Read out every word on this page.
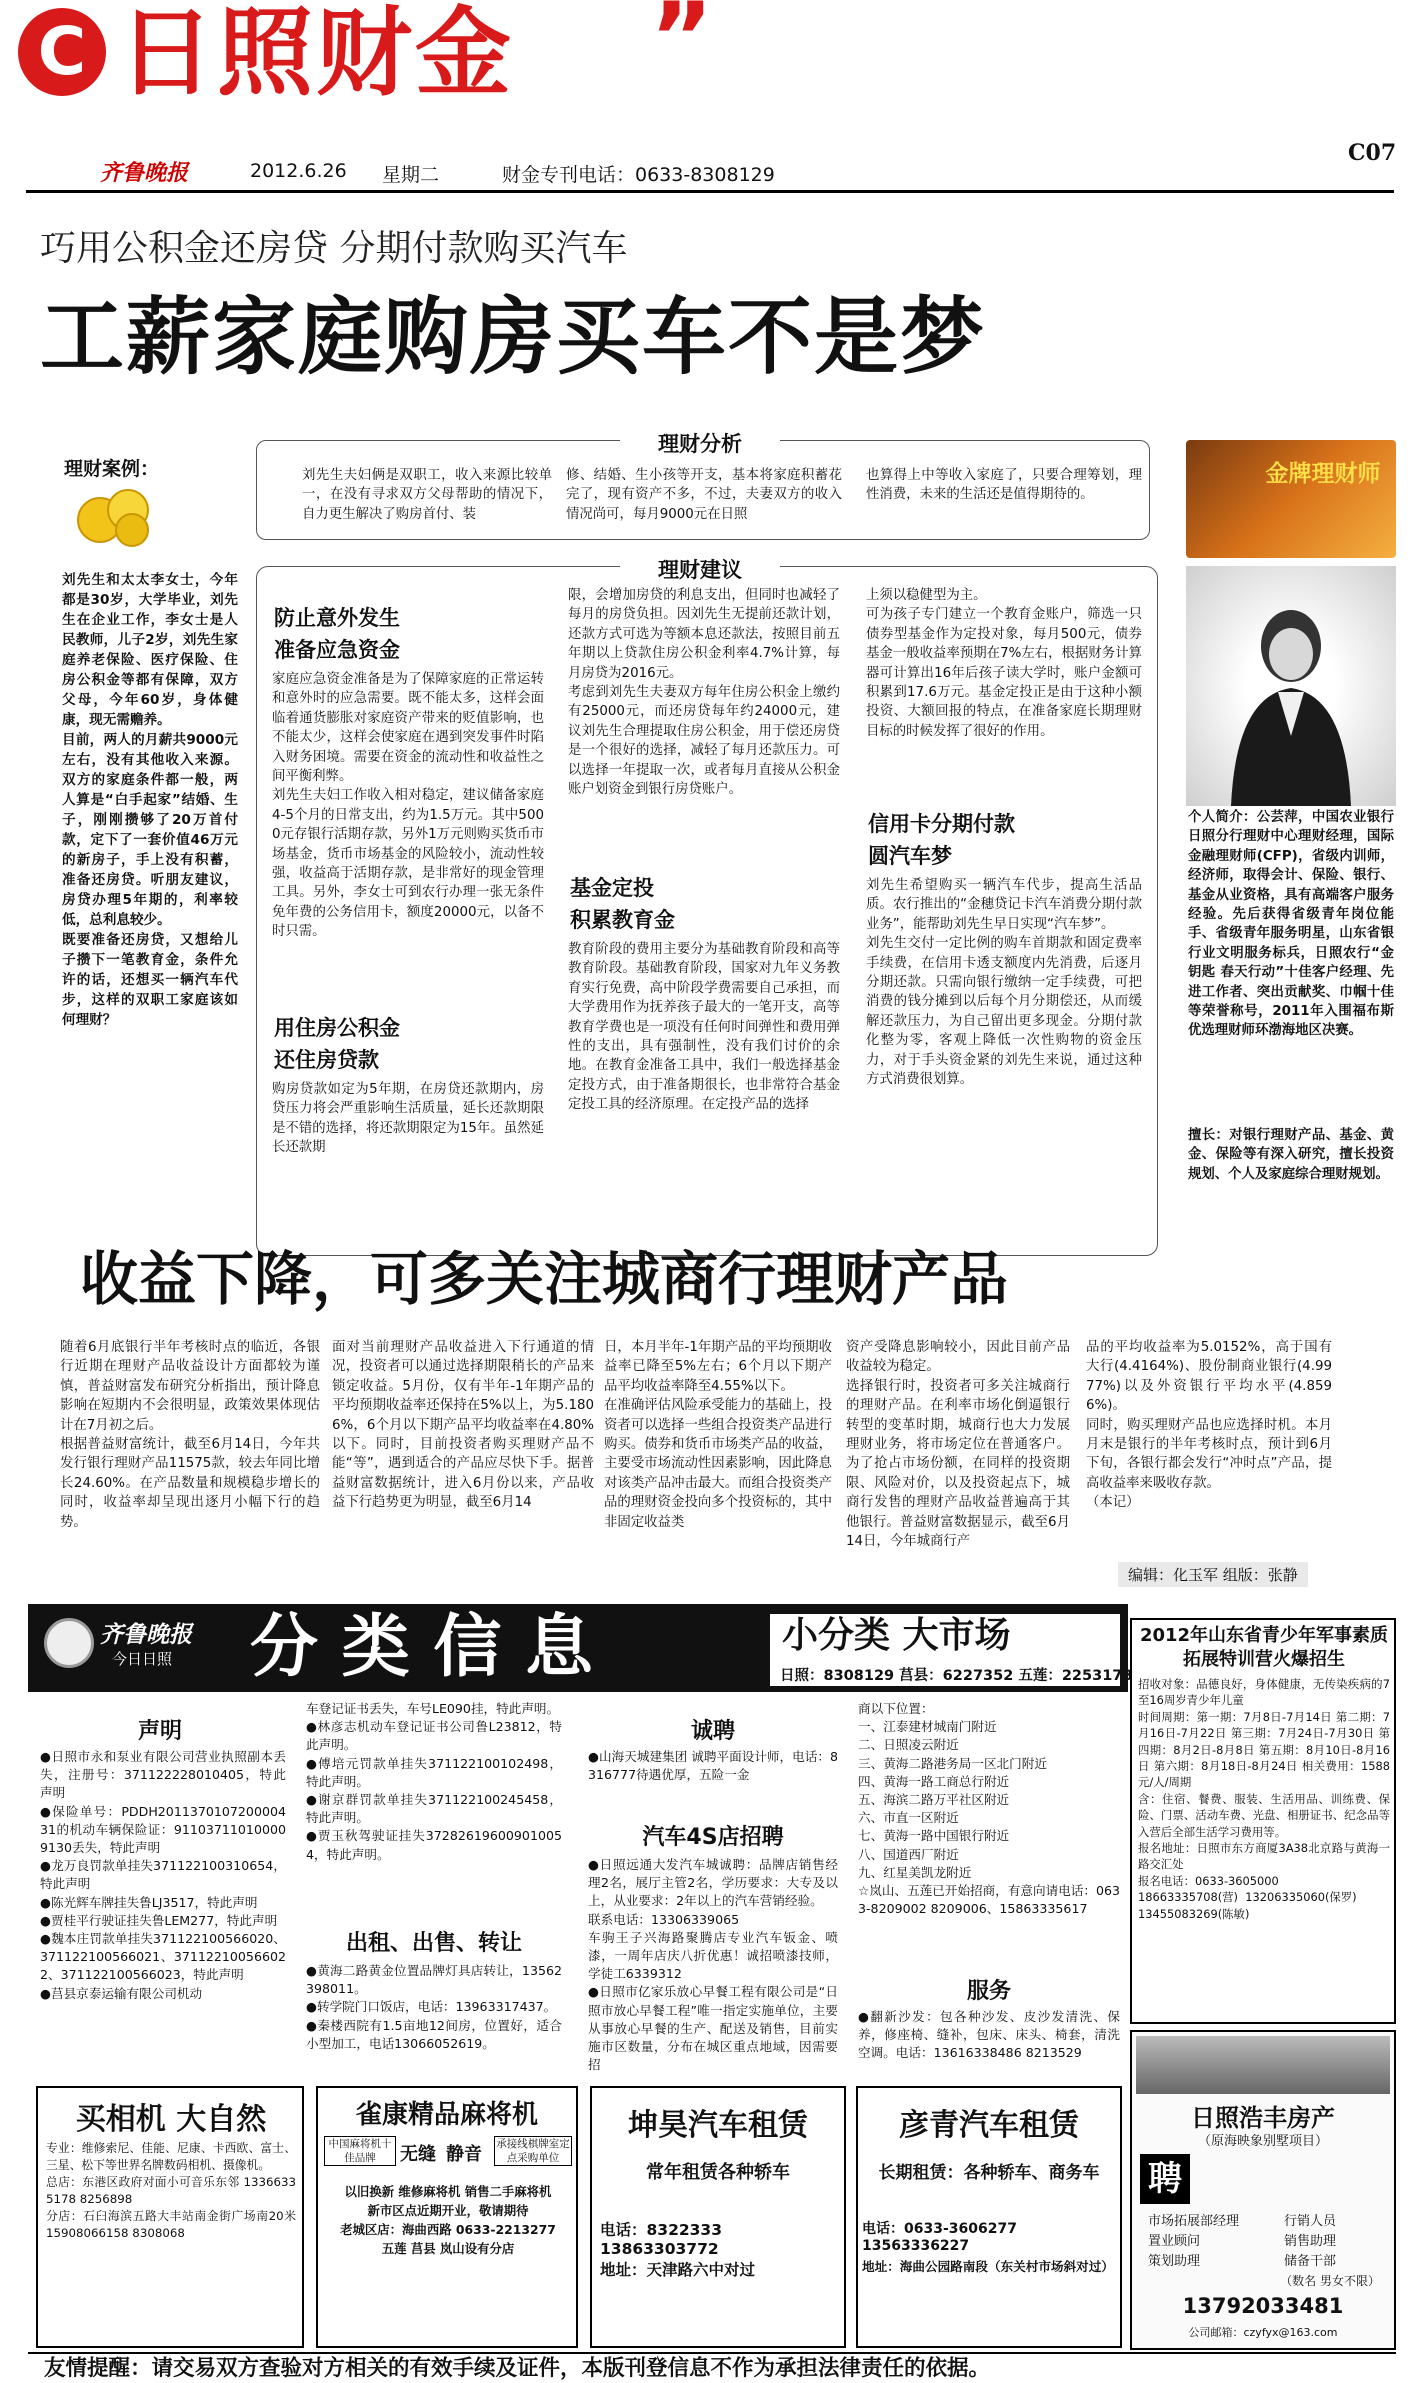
C 日照财金 ”
齐鲁晚报	2012.6.26 星期二	财金专刊电话：0633-8308129
C07
巧用公积金还房贷 分期付款购买汽车
工薪家庭购房买车不是梦
理财案例：
刘先生和太太李女士，今年都是30岁，大学毕业，刘先生在企业工作，李女士是人民教师，儿子2岁，刘先生家庭养老保险、医疗保险、住房公积金等都有保障，双方父母，今年60岁，身体健康，现无需赡养。
目前，两人的月薪共9000元左右，没有其他收入来源。双方的家庭条件都一般，两人算是“白手起家”结婚、生子，刚刚攒够了20万首付款，定下了一套价值46万元的新房子，手上没有积蓄，准备还房贷。听朋友建议，房贷办理5年期的，利率较低，总利息较少。
既要准备还房贷，又想给儿子攒下一笔教育金，条件允许的话，还想买一辆汽车代步，这样的双职工家庭该如何理财？
理财分析
刘先生夫妇俩是双职工，收入来源比较单一，在没有寻求双方父母帮助的情况下，自力更生解决了购房首付、装
修、结婚、生小孩等开支，基本将家庭积蓄花完了，现有资产不多，不过，夫妻双方的收入情况尚可，每月9000元在日照
也算得上中等收入家庭了，只要合理筹划，理性消费，未来的生活还是值得期待的。
金牌理财师
理财建议
防止意外发生
准备应急资金
家庭应急资金准备是为了保障家庭的正常运转和意外时的应急需要。既不能太多，这样会面临着通货膨胀对家庭资产带来的贬值影响，也不能太少，这样会使家庭在遇到突发事件时陷入财务困境。需要在资金的流动性和收益性之间平衡利弊。
刘先生夫妇工作收入相对稳定，建议储备家庭4-5个月的日常支出，约为1.5万元。其中5000元存银行活期存款，另外1万元则购买货币市场基金，货币市场基金的风险较小，流动性较强，收益高于活期存款，是非常好的现金管理工具。另外，李女士可到农行办理一张无条件免年费的公务信用卡，额度20000元，以备不时只需。
用住房公积金
还住房贷款
购房贷款如定为5年期，在房贷还款期内，房贷压力将会严重影响生活质量，延长还款期限是不错的选择，将还款期限定为15年。虽然延长还款期
限，会增加房贷的利息支出，但同时也减轻了每月的房贷负担。因刘先生无提前还款计划，还款方式可选为等额本息还款法，按照目前五年期以上贷款住房公积金利率4.7%计算，每月房贷为2016元。
考虑到刘先生夫妻双方每年住房公积金上缴约有25000元，而还房贷每年约24000元，建议刘先生合理提取住房公积金，用于偿还房贷是一个很好的选择，减轻了每月还款压力。可以选择一年提取一次，或者每月直接从公积金账户划资金到银行房贷账户。
基金定投
积累教育金
教育阶段的费用主要分为基础教育阶段和高等教育阶段。基础教育阶段，国家对九年义务教育实行免费，高中阶段学费需要自己承担，而大学费用作为抚养孩子最大的一笔开支，高等教育学费也是一项没有任何时间弹性和费用弹性的支出，具有强制性，没有我们讨价的余地。在教育金准备工具中，我们一般选择基金定投方式，由于准备期很长，也非常符合基金定投工具的经济原理。在定投产品的选择
上须以稳健型为主。
可为孩子专门建立一个教育金账户，筛选一只债券型基金作为定投对象，每月500元，债券基金一般收益率预期在7%左右，根据财务计算器可计算出16年后孩子读大学时，账户金额可积累到17.6万元。基金定投正是由于这种小额投资、大额回报的特点，在准备家庭长期理财目标的时候发挥了很好的作用。
信用卡分期付款
圆汽车梦
刘先生希望购买一辆汽车代步，提高生活品质。农行推出的“金穗贷记卡汽车消费分期付款业务”，能帮助刘先生早日实现“汽车梦”。
刘先生交付一定比例的购车首期款和固定费率手续费，在信用卡透支额度内先消费，后逐月分期还款。只需向银行缴纳一定手续费，可把消费的钱分摊到以后每个月分期偿还，从而缓解还款压力，为自己留出更多现金。分期付款化整为零，客观上降低一次性购物的资金压力，对于手头资金紧的刘先生来说，通过这种方式消费很划算。
个人简介：公芸萍，中国农业银行日照分行理财中心理财经理，国际金融理财师(CFP)，省级内训师，经济师，取得会计、保险、银行、基金从业资格，具有高端客户服务经验。先后获得省级青年岗位能手、省级青年服务明星，山东省银行业文明服务标兵，日照农行“金钥匙 春天行动”十佳客户经理、先进工作者、突出贡献奖、巾帼十佳等荣誉称号，2011年入围福布斯优选理财师环渤海地区决赛。
擅长：对银行理财产品、基金、黄金、保险等有深入研究，擅长投资规划、个人及家庭综合理财规划。
收益下降，可多关注城商行理财产品
随着6月底银行半年考核时点的临近，各银行近期在理财产品收益设计方面都较为谨慎，普益财富发布研究分析指出，预计降息影响在短期内不会很明显，政策效果体现估计在7月初之后。
根据普益财富统计，截至6月14日，今年共发行银行理财产品11575款，较去年同比增长24.60%。在产品数量和规模稳步增长的同时，收益率却呈现出逐月小幅下行的趋势。
面对当前理财产品收益进入下行通道的情况，投资者可以通过选择期限稍长的产品来锁定收益。5月份，仅有半年-1年期产品的平均预期收益率还保持在5%以上，为5.1806%，6个月以下期产品平均收益率在4.80%以下。同时，目前投资者购买理财产品不能“等”，遇到适合的产品应尽快下手。据普益财富数据统计，进入6月份以来，产品收益下行趋势更为明显，截至6月14
日，本月半年-1年期产品的平均预期收益率已降至5%左右；6个月以下期产品平均收益率降至4.55%以下。
在准确评估风险承受能力的基础上，投资者可以选择一些组合投资类产品进行购买。债券和货币市场类产品的收益，主要受市场流动性因素影响，因此降息对该类产品冲击最大。而组合投资类产品的理财资金投向多个投资标的，其中非固定收益类
资产受降息影响较小，因此目前产品收益较为稳定。
选择银行时，投资者可多关注城商行的理财产品。在利率市场化倒逼银行转型的变革时期，城商行也大力发展理财业务，将市场定位在普通客户。为了抢占市场份额，在同样的投资期限、风险对价，以及投资起点下，城商行发售的理财产品收益普遍高于其他银行。普益财富数据显示，截至6月14日，今年城商行产
品的平均收益率为5.0152%，高于国有大行(4.4164%)、股份制商业银行(4.9977%)以及外资银行平均水平(4.8596%)。
同时，购买理财产品也应选择时机。本月月末是银行的半年考核时点，预计到6月下旬，各银行都会发行“冲时点”产品，提高收益率来吸收存款。
（本记）
编辑：化玉军 组版：张静
齐鲁晚报
今日日照 分 类 信 息	小分类 大市场
日照：8308129 莒县：6227352 五莲：2253178
声明
●日照市永和泵业有限公司营业执照副本丢失，注册号：371122228010405，特此声明
●保险单号：PDDH201137010720000431的机动车辆保险证：91103711010000913​0丢失，特此声明
●龙万良罚款单挂失371122100310654，特此声明
●陈光辉车牌挂失鲁LJ3517，特此声明
●贾桂平行驶证挂失鲁LEM277，特此声明
●魏本庄罚款单挂失371122100566020、371122100566021、371122100566022、371122100566023，特此声明
●莒县京泰运输有限公司机动
车登记证书丢失，车号LE090挂，特此声明。
●林彦志机动车登记证书公司鲁L23812，特此声明。
●傅培元罚款单挂失371122100102498，特此声明。
●谢京群罚款单挂失371122100245458，特此声明。
●贾玉秋驾驶证挂失372826196009010054，特此声明。
出租、出售、转让
●黄海二路黄金位置品牌灯具店转让，13562398011。
●转学院门口饭店，电话：13963317437。
●秦楼西院有1.5亩地12间房，位置好，适合小型加工，电话13066052619。
诚聘
●山海天城建集团 诚聘平面设计师，电话：8316777待遇优厚，五险一金
汽车4S店招聘
●日照远通大发汽车城诚聘：品牌店销售经理2名，展厅主管2名，学历要求：大专及以上，从业要求：2年以上的汽车营销经验。
联系电话：13306339065
车驹王子兴海路聚腾店专业汽车钣金、喷漆，一周年店庆八折优惠！诚招喷漆技师，学徒工6339312
●日照市亿家乐放心早餐工程有限公司是“日照市放心早餐工程”唯一指定实施单位，主要从事放心早餐的生产、配送及销售，目前实施市区数量，分布在城区重点地域，因需要招
商以下位置：
一、江泰建材城南门附近
二、日照凌云附近
三、黄海二路港务局一区北门附近
四、黄海一路工商总行附近
五、海滨二路万平社区附近
六、市直一区附近
七、黄海一路中国银行附近
八、国道西厂附近
九、红星美凯龙附近
☆岚山、五莲已开始招商，有意向请电话：0633-8209002 8209006、15863335617
服务
●翻新沙发：包各种沙发、皮沙发清洗、保养，修座椅、缝补，包床、床头、椅套，清洗空调。电话：13616338486 8213529
2012年山东省青少年军事素质拓展特训营火爆招生
招收对象：品德良好，身体健康，无传染疾病的7至16周岁青少年儿童
时间周期：第一期：7月8日-7月14日 第二期：7月16日-7月22日 第三期：7月24日-7月30日 第四期：8月2日-8月8日 第五期：8月10日-8月16日 第六期：8月18日-8月24日 相关费用：1588元/人/周期
含：住宿、餐费、服装、生活用品、训练费、保险、门票、活动车费、光盘、相册证书、纪念品等入营后全部生活学习费用等。
报名地址：日照市东方商厦3A38北京路与黄海一路交汇处
报名电话：0633-3605000
18663335708(营)  13206335060(保罗)
13455083269(陈敏)
日照浩丰房产
（原海映象别墅项目）
聘
市场拓展部经理	行销人员
置业顾问	销售助理
策划助理	储备干部
（数名 男女不限）
13792033481
公司邮箱：czyfyx@163.com
买相机 大自然
专业：维修索尼、佳能、尼康、卡西欧、富士、三星、松下等世界名牌数码相机、摄像机。
总店：东港区政府对面小可音乐东邻 13366335178 8256898
分店：石臼海滨五路大丰站南金街广场南20米 15908066158 8308068
雀康精品麻将机
中国麻将机十佳品牌	无缝 静音 承接线棋牌室定点采购单位
以旧换新 维修麻将机 销售二手麻将机
新市区点近期开业，敬请期待
老城区店：海曲西路 0633-2213277
五莲 莒县 岚山设有分店
坤昊汽车租赁
常年租赁各种轿车
电话：8322333 13863303772
地址：天津路六中对过
彦青汽车租赁
长期租赁：各种轿车、商务车
电话：0633-3606277 13563336227
地址：海曲公园路南段（东关村市场斜对过）
友情提醒：请交易双方查验对方相关的有效手续及证件，本版刊登信息不作为承担法律责任的依据。
